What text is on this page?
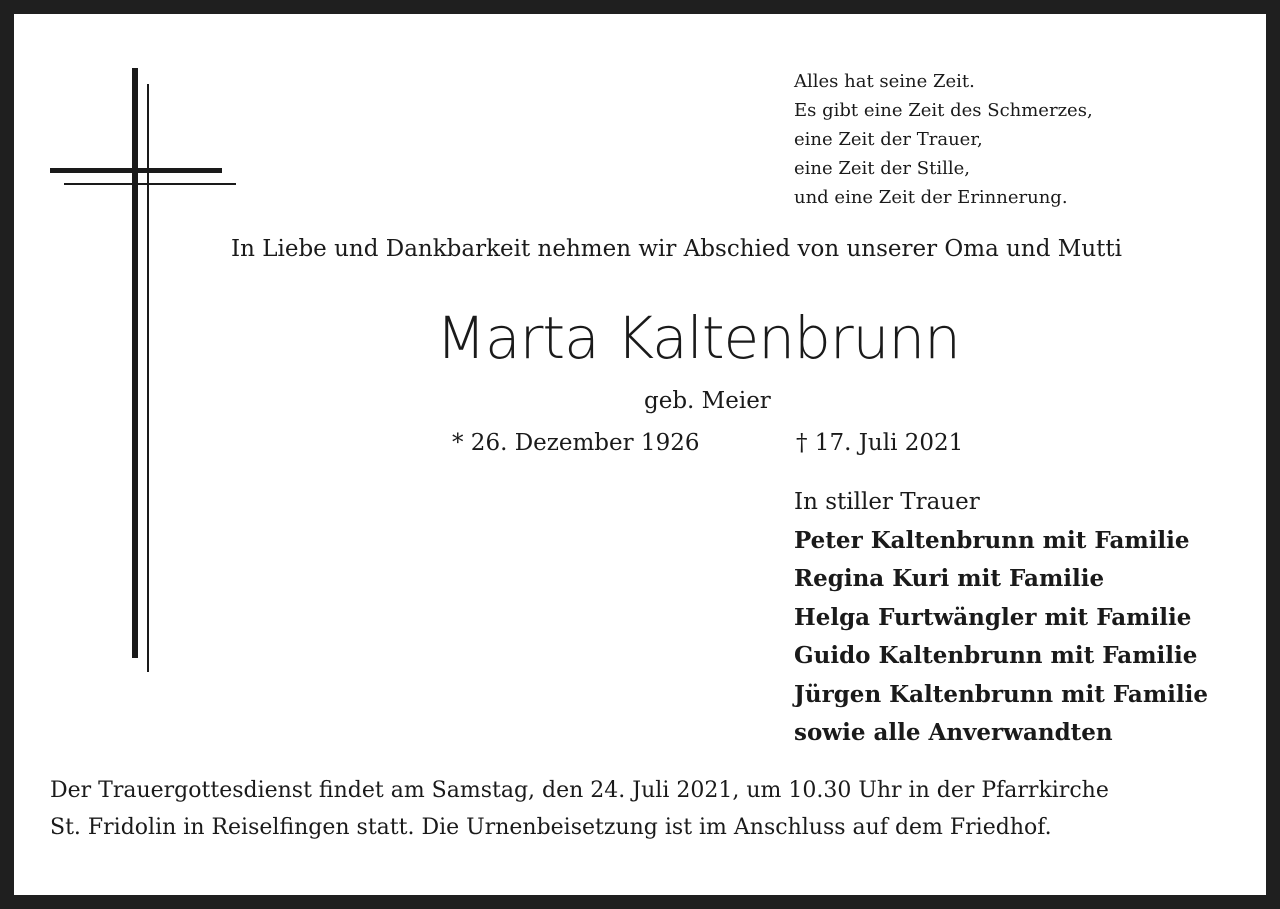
Alles hat seine Zeit.
Es gibt eine Zeit des Schmerzes,
eine Zeit der Trauer,
eine Zeit der Stille,
und eine Zeit der Erinnerung.
In Liebe und Dankbarkeit nehmen wir Abschied von unserer Oma und Mutti
Marta Kaltenbrunn
geb. Meier
* 26. Dezember 1926	† 17. Juli 2021
In stiller Trauer
Peter Kaltenbrunn mit Familie
Regina Kuri mit Familie
Helga Furtwängler mit Familie
Guido Kaltenbrunn mit Familie
Jürgen Kaltenbrunn mit Familie
sowie alle Anverwandten
Der Trauergottesdienst findet am Samstag, den 24. Juli 2021, um 10.30 Uhr in der Pfarrkirche
St. Fridolin in Reiselfingen statt. Die Urnenbeisetzung ist im Anschluss auf dem Friedhof.
